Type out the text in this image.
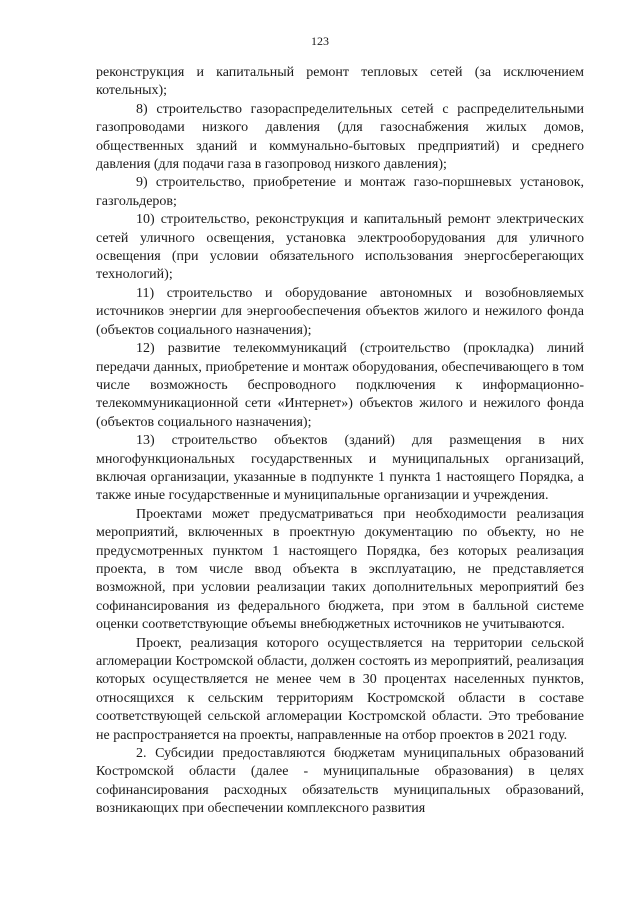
123

реконструкция и капитальный ремонт тепловых сетей (за исключением котельных);

8) строительство газораспределительных сетей с распределительными газопроводами низкого давления (для газоснабжения жилых домов, общественных зданий и коммунально-бытовых предприятий) и среднего давления (для подачи газа в газопровод низкого давления);

9) строительство, приобретение и монтаж газо-поршневых установок, газгольдеров;

10) строительство, реконструкция и капитальный ремонт электрических сетей уличного освещения, установка электрооборудования для уличного освещения (при условии обязательного использования энергосберегающих технологий);

11) строительство и оборудование автономных и возобновляемых источников энергии для энергообеспечения объектов жилого и нежилого фонда (объектов социального назначения);

12) развитие телекоммуникаций (строительство (прокладка) линий передачи данных, приобретение и монтаж оборудования, обеспечивающего в том числе возможность беспроводного подключения к информационно-телекоммуникационной сети «Интернет») объектов жилого и нежилого фонда (объектов социального назначения);

13) строительство объектов (зданий) для размещения в них многофункциональных государственных и муниципальных организаций, включая организации, указанные в подпункте 1 пункта 1 настоящего Порядка, а также иные государственные и муниципальные организации и учреждения.

Проектами может предусматриваться при необходимости реализация мероприятий, включенных в проектную документацию по объекту, но не предусмотренных пунктом 1 настоящего Порядка, без которых реализация проекта, в том числе ввод объекта в эксплуатацию, не представляется возможной, при условии реализации таких дополнительных мероприятий без софинансирования из федерального бюджета, при этом в балльной системе оценки соответствующие объемы внебюджетных источников не учитываются.

Проект, реализация которого осуществляется на территории сельской агломерации Костромской области, должен состоять из мероприятий, реализация которых осуществляется не менее чем в 30 процентах населенных пунктов, относящихся к сельским территориям Костромской области в составе соответствующей сельской агломерации Костромской области. Это требование не распространяется на проекты, направленные на отбор проектов в 2021 году.

2. Субсидии предоставляются бюджетам муниципальных образований Костромской области (далее - муниципальные образования) в целях софинансирования расходных обязательств муниципальных образований, возникающих при обеспечении комплексного развития
